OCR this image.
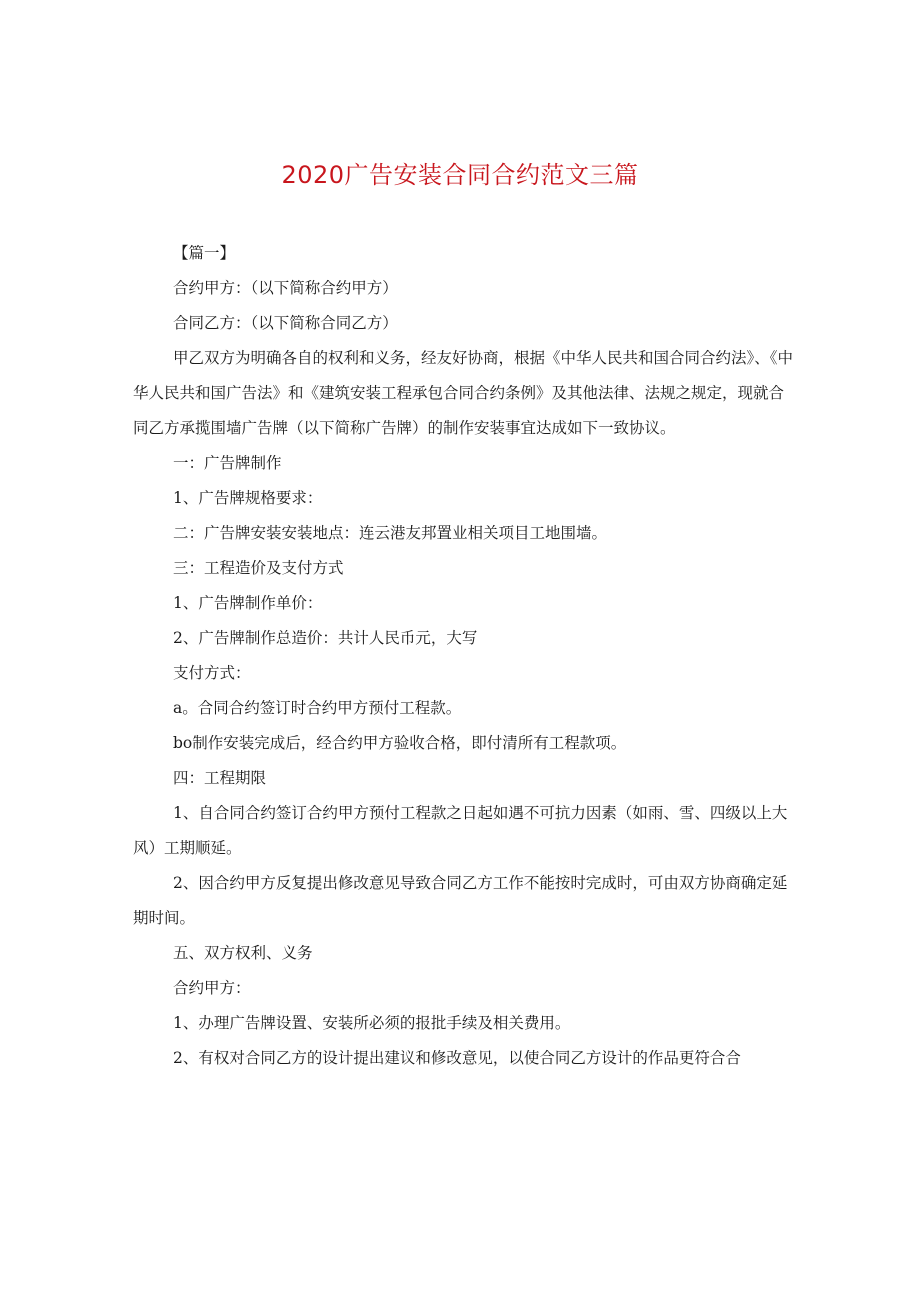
2020广告安装合同合约范文三篇

【篇一】

合约甲方：（以下简称合约甲方）

合同乙方：（以下简称合同乙方）

甲乙双方为明确各自的权利和义务，经友好协商，根据《中华人民共和国合同合约法》、《中华人民共和国广告法》和《建筑安装工程承包合同合约条例》及其他法律、法规之规定，现就合同乙方承揽围墙广告牌（以下简称广告牌）的制作安装事宜达成如下一致协议。

一：广告牌制作

1、广告牌规格要求：

二：广告牌安装安装地点：连云港友邦置业相关项目工地围墙。

三：工程造价及支付方式

1、广告牌制作单价：

2、广告牌制作总造价：共计人民币元，大写

支付方式：

a。合同合约签订时合约甲方预付工程款。

bo制作安装完成后，经合约甲方验收合格，即付清所有工程款项。

四：工程期限

1、自合同合约签订合约甲方预付工程款之日起如遇不可抗力因素（如雨、雪、四级以上大风）工期顺延。

2、因合约甲方反复提出修改意见导致合同乙方工作不能按时完成时，可由双方协商确定延期时间。

五、双方权利、义务

合约甲方：

1、办理广告牌设置、安装所必须的报批手续及相关费用。

2、有权对合同乙方的设计提出建议和修改意见，以使合同乙方设计的作品更符合合
